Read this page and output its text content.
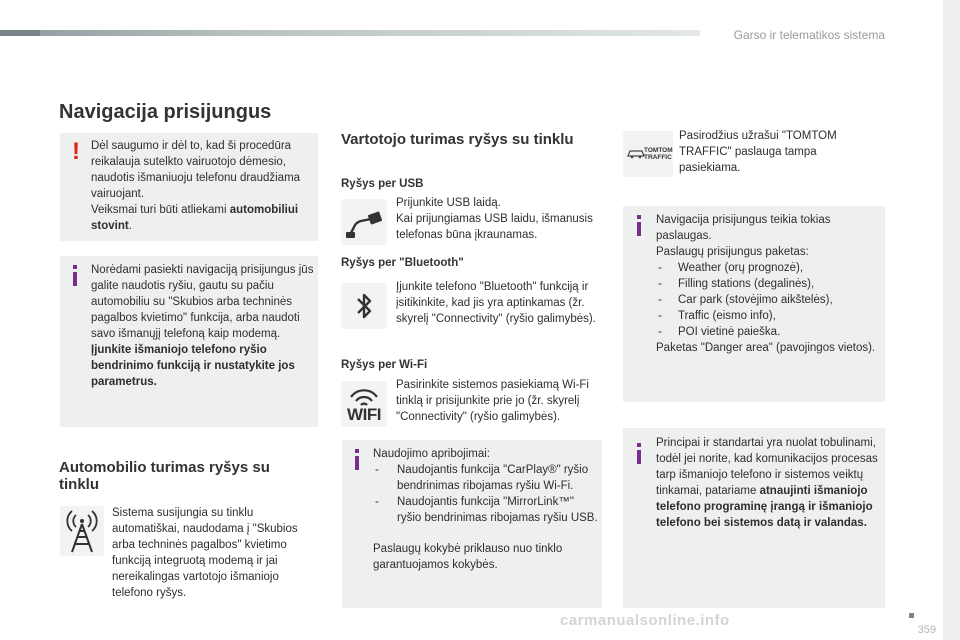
Garso ir telematikos sistema
359
Navigacija prisijungus
! Dėl saugumo ir dėl to, kad ši procedūra reikalauja sutelkto vairuotojo dėmesio, naudotis išmaniuoju telefonu draudžiama vairuojant.
Veiksmai turi būti atliekami automobiliui stovint.
Norėdami pasiekti navigaciją prisijungus jūs galite naudotis ryšiu, gautu su pačiu automobiliu su "Skubios arba techninės pagalbos kvietimo" funkcija, arba naudoti savo išmanųjį telefoną kaip modemą.
Įjunkite išmaniojo telefono ryšio bendrinimo funkciją ir nustatykite jos parametrus.
Automobilio turimas ryšys su tinklu
Sistema susijungia su tinklu automatiškai, naudodama į "Skubios arba techninės pagalbos" kvietimo funkciją integruotą modemą ir jai nereikalingas vartotojo išmaniojo telefono ryšys.
Vartotojo turimas ryšys su tinklu
Ryšys per USB
Prijunkite USB laidą.
Kai prijungiamas USB laidu, išmanusis telefonas būna įkraunamas.
Ryšys per "Bluetooth"
Įjunkite telefono "Bluetooth" funkciją ir įsitikinkite, kad jis yra aptinkamas (žr. skyrelį "Connectivity" (ryšio galimybės).
Ryšys per Wi-Fi
WIFI
Pasirinkite sistemos pasiekiamą Wi-Fi tinklą ir prisijunkite prie jo (žr. skyrelį "Connectivity" (ryšio galimybės).
Naudojimo apribojimai:
- Naudojantis funkcija "CarPlay®" ryšio bendrinimas ribojamas ryšiu Wi-Fi.
- Naudojantis funkcija "MirrorLink™" ryšio bendrinimas ribojamas ryšiu USB.
Paslaugų kokybė priklauso nuo tinklo garantuojamos kokybės.
TOMTOM
TRAFFIC
Pasirodžius užrašui "TOMTOM TRAFFIC" paslauga tampa pasiekiama.
Navigacija prisijungus teikia tokias paslaugas.
Paslaugų prisijungus paketas:
- Weather (orų prognozė),
- Filling stations (degalinės),
- Car park (stovėjimo aikštelės),
- Traffic (eismo info),
- POI vietinė paieška.
Paketas "Danger area" (pavojingos vietos).
Principai ir standartai yra nuolat tobulinami, todėl jei norite, kad komunikacijos procesas tarp išmaniojo telefono ir sistemos veiktų tinkamai, patariame atnaujinti išmaniojo telefono programinę įrangą ir išmaniojo telefono bei sistemos datą ir valandas.
carmanualsonline.info
